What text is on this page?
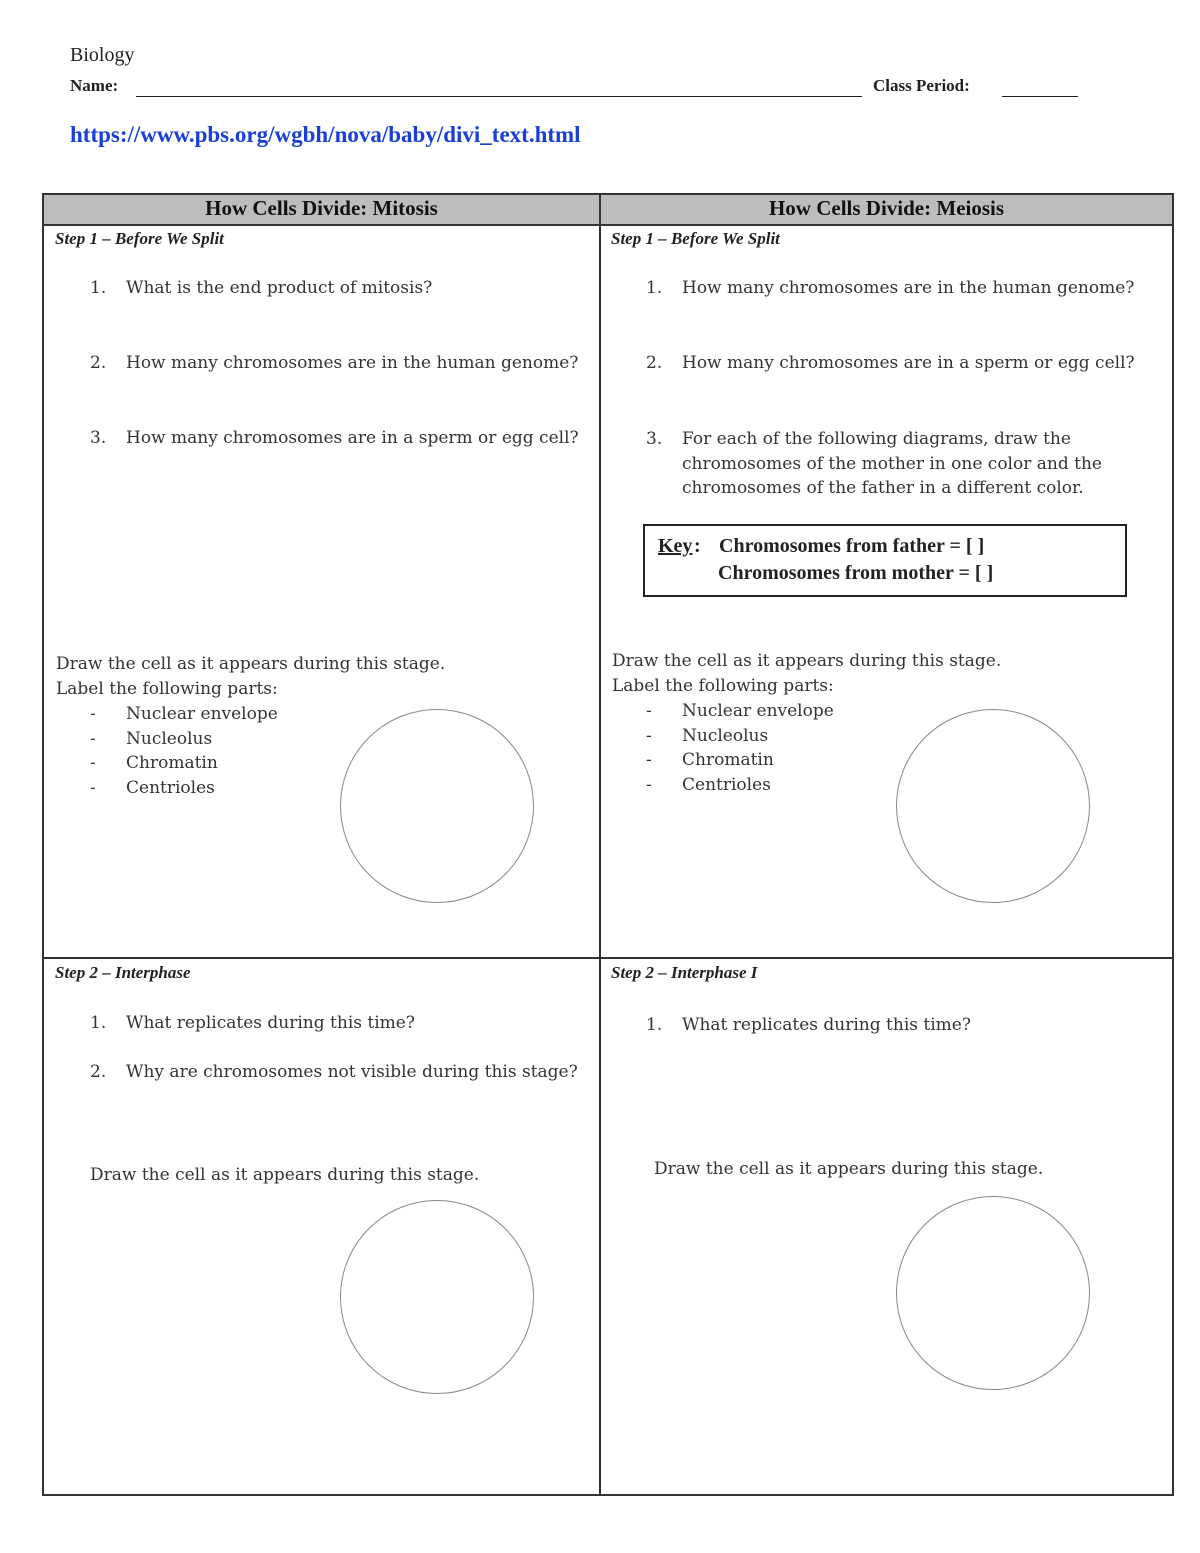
Biology
Name:	Class Period:
https://www.pbs.org/wgbh/nova/baby/divi_text.html
How Cells Divide: Mitosis	How Cells Divide: Meiosis
Step 1 – Before We Split
1. What is the end product of mitosis?
2. How many chromosomes are in the human genome?
3. How many chromosomes are in a sperm or egg cell?
Draw the cell as it appears during this stage.
Label the following parts:
- Nuclear envelope
- Nucleolus
- Chromatin
- Centrioles
Step 1 – Before We Split
1. How many chromosomes are in the human genome?
2. How many chromosomes are in a sperm or egg cell?
3. For each of the following diagrams, draw the
chromosomes of the mother in one color and the
chromosomes of the father in a different color.
Key : Chromosomes from father = [ ]
Chromosomes from mother = [ ]
Draw the cell as it appears during this stage.
Label the following parts:
- Nuclear envelope
- Nucleolus
- Chromatin
- Centrioles
Step 2 – Interphase
1. What replicates during this time?
2. Why are chromosomes not visible during this stage?
Draw the cell as it appears during this stage.
Step 2 – Interphase I
1. What replicates during this time?
Draw the cell as it appears during this stage.
